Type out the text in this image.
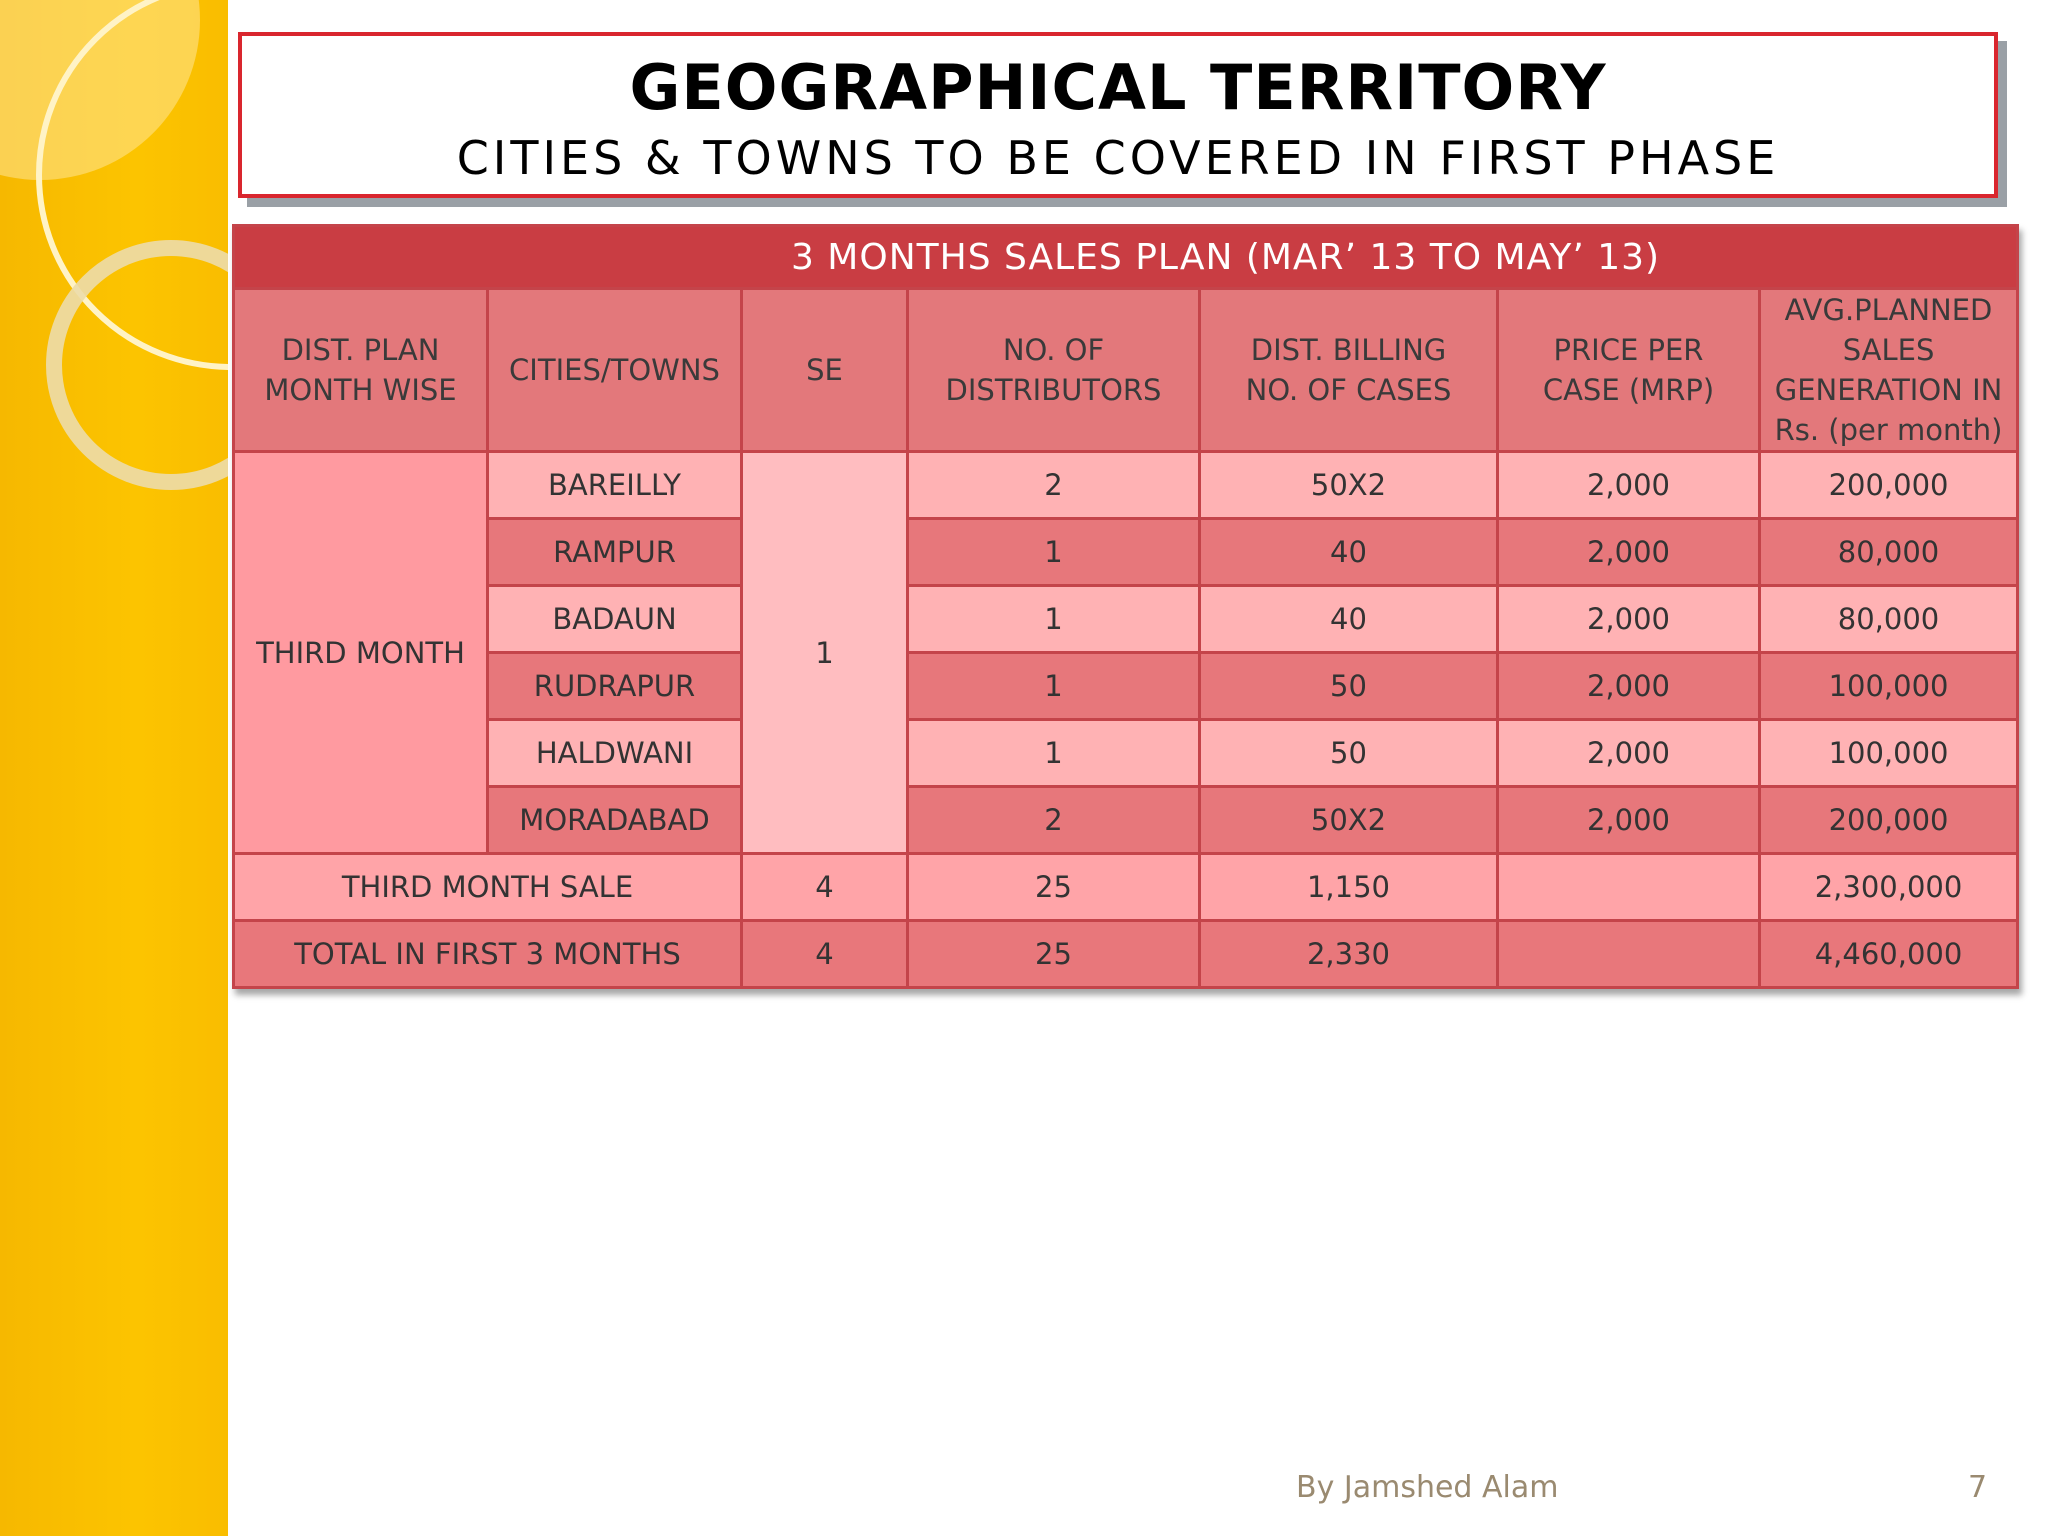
GEOGRAPHICAL TERRITORY
CITIES & TOWNS TO BE COVERED IN FIRST PHASE
3 MONTHS SALES PLAN (MAR’ 13 TO MAY’ 13)						
DIST. PLAN MONTH WISE	CITIES/TOWNS	SE	NO. OF DISTRIBUTORS	DIST. BILLING NO. OF CASES	PRICE PER CASE (MRP)	AVG.PLANNED SALES GENERATION IN Rs. (per month)
THIRD MONTH	BAREILLY	1	2	50X2	2,000	200,000
	RAMPUR		1	40	2,000	80,000
	BADAUN		1	40	2,000	80,000
	RUDRAPUR		1	50	2,000	100,000
	HALDWANI		1	50	2,000	100,000
	MORADABAD		2	50X2	2,000	200,000
THIRD MONTH SALE		4	25	1,150		2,300,000
TOTAL IN FIRST 3 MONTHS		4	25	2,330		4,460,000
By Jamshed Alam	7
